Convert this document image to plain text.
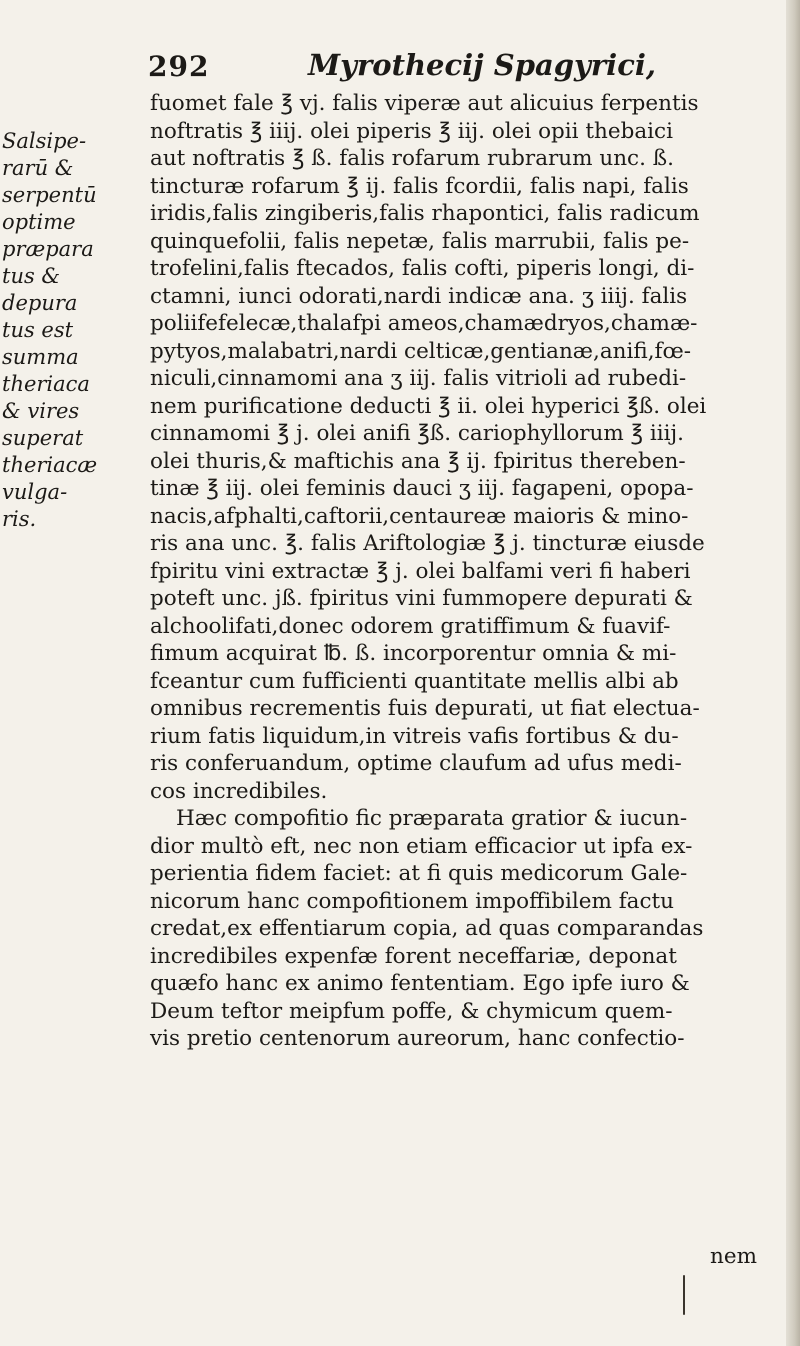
292	Myrothecij Spagyrici,
Salsipe-
rarū &
serpentū
optime
præpara
tus &
depura
tus est
summa
theriaca
& vires
superat
theriacæ
vulga-
ris.
fuomet fale ℥ vj. falis viperæ aut alicuius ferpentis
noftratis ℥ iiij. olei piperis ℥ iij. olei opii thebaici
aut noftratis ℥ ß. falis rofarum rubrarum unc. ß.
tincturæ rofarum ℥ ij. falis fcordii, falis napi, falis
iridis,falis zingiberis,falis rhapontici, falis radicum
quinquefolii, falis nepetæ, falis marrubii, falis pe-
trofelini,falis ftecados, falis cofti, piperis longi, di-
ctamni, iunci odorati,nardi indicæ ana. ʒ iiij. falis
poliifefelecæ,thalafpi ameos,chamædryos,chamæ-
pytyos,malabatri,nardi celticæ,gentianæ,anifi,fœ-
niculi,cinnamomi ana ʒ iij. falis vitrioli ad rubedi-
nem purificatione deducti ℥ ii. olei hyperici ℥ß. olei
cinnamomi ℥ j. olei anifi ℥ß. cariophyllorum ℥ iiij.
olei thuris,& maftichis ana ℥ ij. fpiritus thereben-
tinæ ℥ iij. olei feminis dauci ʒ iij. fagapeni, opopa-
nacis,afphalti,caftorii,centaureæ maioris & mino-
ris ana unc. ℥. falis Ariftologiæ ℥ j. tincturæ eiusde
fpiritu vini extractæ ℥ j. olei balfami veri fi haberi
poteft unc. jß. fpiritus vini fummopere depurati &
alchoolifati,donec odorem gratiffimum & fuavif-
fimum acquirat ℔. ß. incorporentur omnia & mi-
fceantur cum fufficienti quantitate mellis albi ab
omnibus recrementis fuis depurati, ut fiat electua-
rium fatis liquidum,in vitreis vafis fortibus & du-
ris conferuandum, optime claufum ad ufus medi-
cos incredibiles.
Hæc compofitio fic præparata gratior & iucun-
dior multò eft, nec non etiam efficacior ut ipfa ex-
perientia fidem faciet: at fi quis medicorum Gale-
nicorum hanc compofitionem impoffibilem factu
credat,ex effentiarum copia, ad quas comparandas
incredibiles expenfæ forent neceffariæ, deponat
quæfo hanc ex animo fententiam. Ego ipfe iuro &
Deum teftor meipfum poffe, & chymicum quem-
vis pretio centenorum aureorum, hanc confectio-
nem
